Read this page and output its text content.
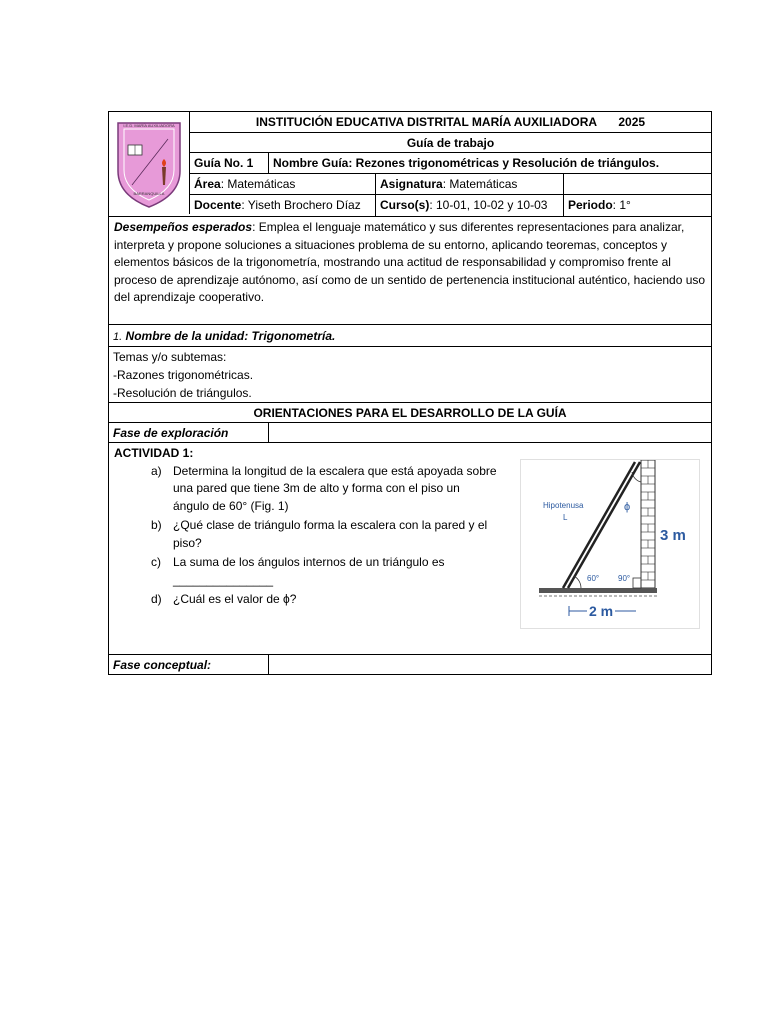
I.E.D. MARÍA AUXILIADORA
BARRANQUILLA
INSTITUCIÓN EDUCATIVA DISTRITAL MARÍA AUXILIADORA 2025
Guía de trabajo
Guía No. 1	Nombre Guía: Rezones trigonométricas y Resolución de triángulos.
Área: Matemáticas	Asignatura: Matemáticas
Docente: Yiseth Brochero Díaz	Curso(s): 10-01, 10-02 y 10-03	Periodo: 1°
Desempeños esperados: Emplea el lenguaje matemático y sus diferentes representaciones para analizar, interpreta y propone soluciones a situaciones problema de su entorno, aplicando teoremas, conceptos y elementos básicos de la trigonometría, mostrando una actitud de responsabilidad y compromiso frente al proceso de aprendizaje autónomo, así como de un sentido de pertenencia institucional auténtico, haciendo uso del aprendizaje cooperativo.
1. Nombre de la unidad: Trigonometría.
Temas y/o subtemas:
-Razones trigonométricas.
-Resolución de triángulos.
ORIENTACIONES PARA EL DESARROLLO DE LA GUÍA
Fase de exploración
ACTIVIDAD 1:
a) Determina la longitud de la escalera que está apoyada sobre una pared que tiene 3m de alto y forma con el piso un ángulo de 60° (Fig. 1)
b) ¿Qué clase de triángulo forma la escalera con la pared y el piso?
c)	La suma de los ángulos internos de un triángulo es _______________
d) ¿Cuál es el valor de ϕ?
Hipotenusa
L
ϕ
3 m
60° 90°
2 m
Fase conceptual:
